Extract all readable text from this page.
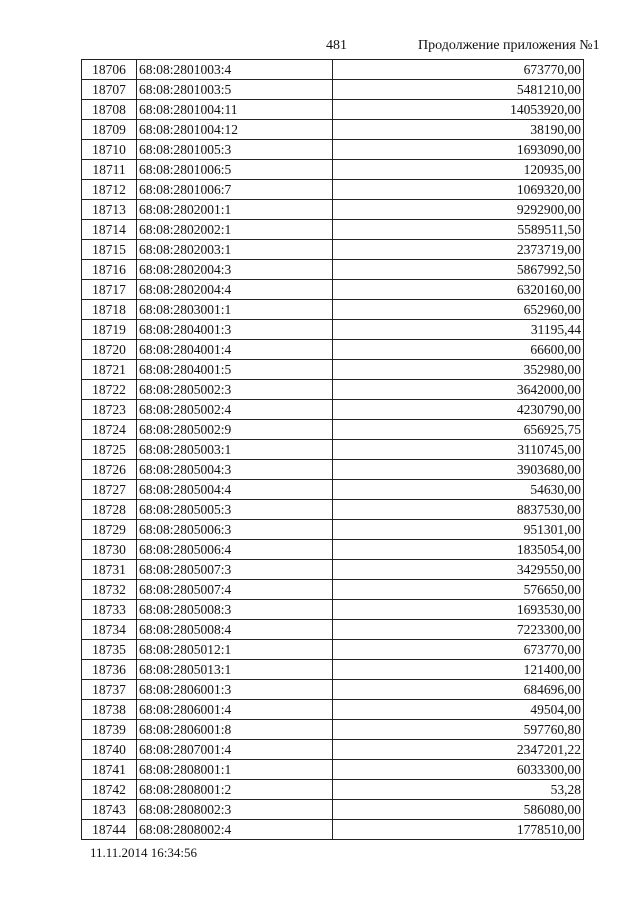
481	Продолжение приложения №1
18706	68:08:2801003:4	673770,00
18707	68:08:2801003:5	5481210,00
18708	68:08:2801004:11	14053920,00
18709	68:08:2801004:12	38190,00
18710	68:08:2801005:3	1693090,00
18711	68:08:2801006:5	120935,00
18712	68:08:2801006:7	1069320,00
18713	68:08:2802001:1	9292900,00
18714	68:08:2802002:1	5589511,50
18715	68:08:2802003:1	2373719,00
18716	68:08:2802004:3	5867992,50
18717	68:08:2802004:4	6320160,00
18718	68:08:2803001:1	652960,00
18719	68:08:2804001:3	31195,44
18720	68:08:2804001:4	66600,00
18721	68:08:2804001:5	352980,00
18722	68:08:2805002:3	3642000,00
18723	68:08:2805002:4	4230790,00
18724	68:08:2805002:9	656925,75
18725	68:08:2805003:1	3110745,00
18726	68:08:2805004:3	3903680,00
18727	68:08:2805004:4	54630,00
18728	68:08:2805005:3	8837530,00
18729	68:08:2805006:3	951301,00
18730	68:08:2805006:4	1835054,00
18731	68:08:2805007:3	3429550,00
18732	68:08:2805007:4	576650,00
18733	68:08:2805008:3	1693530,00
18734	68:08:2805008:4	7223300,00
18735	68:08:2805012:1	673770,00
18736	68:08:2805013:1	121400,00
18737	68:08:2806001:3	684696,00
18738	68:08:2806001:4	49504,00
18739	68:08:2806001:8	597760,80
18740	68:08:2807001:4	2347201,22
18741	68:08:2808001:1	6033300,00
18742	68:08:2808001:2	53,28
18743	68:08:2808002:3	586080,00
18744	68:08:2808002:4	1778510,00
11.11.2014 16:34:56
